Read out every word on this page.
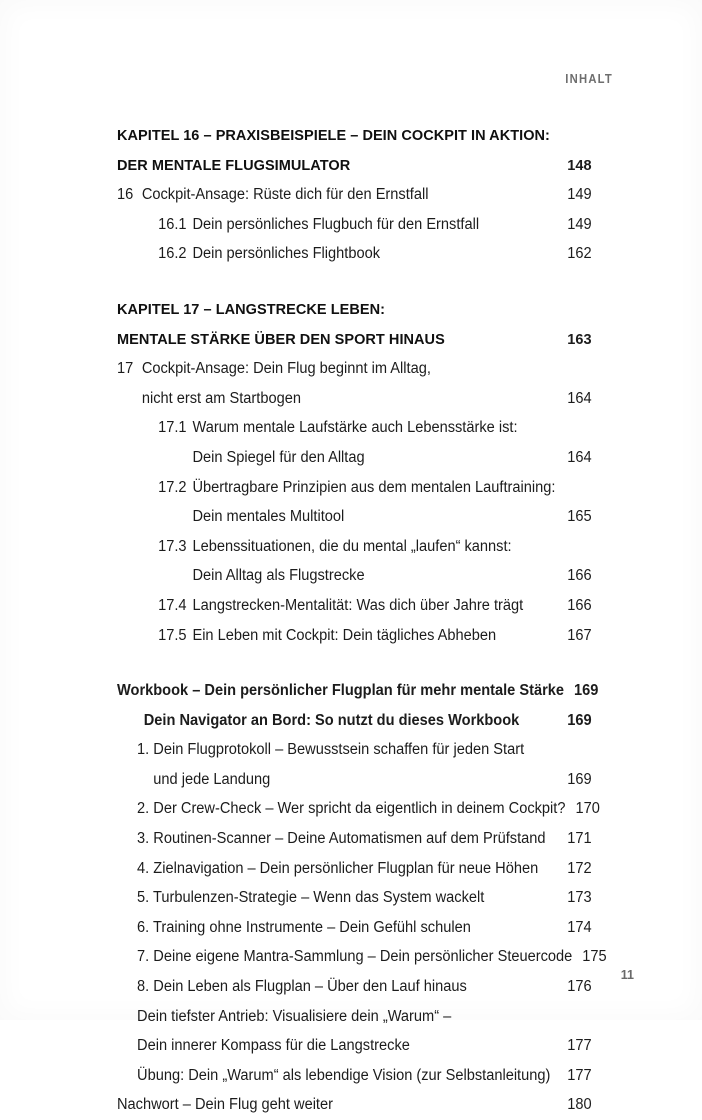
INHALT
KAPITEL 16 – PRAXISBEISPIELE – DEIN COCKPIT IN AKTION:
DER MENTALE FLUGSIMULATOR	148
16 Cockpit-Ansage: Rüste dich für den Ernstfall	149
16.1 Dein persönliches Flugbuch für den Ernstfall	149
16.2 Dein persönliches Flightbook	162
KAPITEL 17 – LANGSTRECKE LEBEN:
MENTALE STÄRKE ÜBER DEN SPORT HINAUS	163
17 Cockpit-Ansage: Dein Flug beginnt im Alltag,
nicht erst am Startbogen	164
17.1 Warum mentale Laufstärke auch Lebensstärke ist:
Dein Spiegel für den Alltag	164
17.2 Übertragbare Prinzipien aus dem mentalen Lauftraining:
Dein mentales Multitool	165
17.3 Lebenssituationen, die du mental „laufen“ kannst:
Dein Alltag als Flugstrecke	166
17.4 Langstrecken-Mentalität: Was dich über Jahre trägt	166
17.5 Ein Leben mit Cockpit: Dein tägliches Abheben	167
Workbook – Dein persönlicher Flugplan für mehr mentale Stärke 169
Dein Navigator an Bord: So nutzt du dieses Workbook	169
1. Dein Flugprotokoll – Bewusstsein schaffen für jeden Start
und jede Landung	169
2. Der Crew-Check – Wer spricht da eigentlich in deinem Cockpit? 170
3. Routinen-Scanner – Deine Automatismen auf dem Prüfstand 171
4. Zielnavigation – Dein persönlicher Flugplan für neue Höhen 172
5. Turbulenzen-Strategie – Wenn das System wackelt	173
6. Training ohne Instrumente – Dein Gefühl schulen	174
7. Deine eigene Mantra-Sammlung – Dein persönlicher Steuercode 175
8. Dein Leben als Flugplan – Über den Lauf hinaus	176
Dein tiefster Antrieb: Visualisiere dein „Warum“ –
Dein innerer Kompass für die Langstrecke	177
Übung: Dein „Warum“ als lebendige Vision (zur Selbstanleitung) 177
Nachwort – Dein Flug geht weiter	180
11
